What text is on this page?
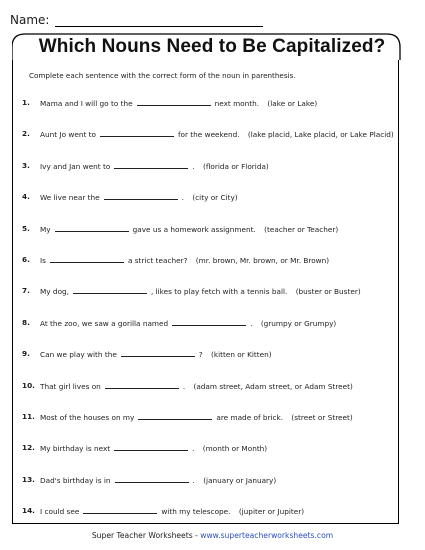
Name:
Which Nouns Need to Be Capitalized?
Complete each sentence with the correct form of the noun in parenthesis.
1.	Mama and I will go to the	next month. (lake or Lake)
2.	Aunt Jo went to	for the weekend. (lake placid, Lake placid, or Lake Placid)
3.	Ivy and Jan went to	. (florida or Florida)
4.	We live near the	. (city or City)
5.	My	gave us a homework assignment. (teacher or Teacher)
6.	Is	a strict teacher? (mr. brown, Mr. brown, or Mr. Brown)
7.	My dog,	, likes to play fetch with a tennis ball. (buster or Buster)
8.	At the zoo, we saw a gorilla named	. (grumpy or Grumpy)
9.	Can we play with the	? (kitten or Kitten)
10. That girl lives on	. (adam street, Adam street, or Adam Street)
11. Most of the houses on my	are made of brick. (street or Street)
12. My birthday is next	. (month or Month)
13. Dad's birthday is in	. (january or January)
14. I could see	with my telescope. (jupiter or Jupiter)
Super Teacher Worksheets - www.superteacherworksheets.com
